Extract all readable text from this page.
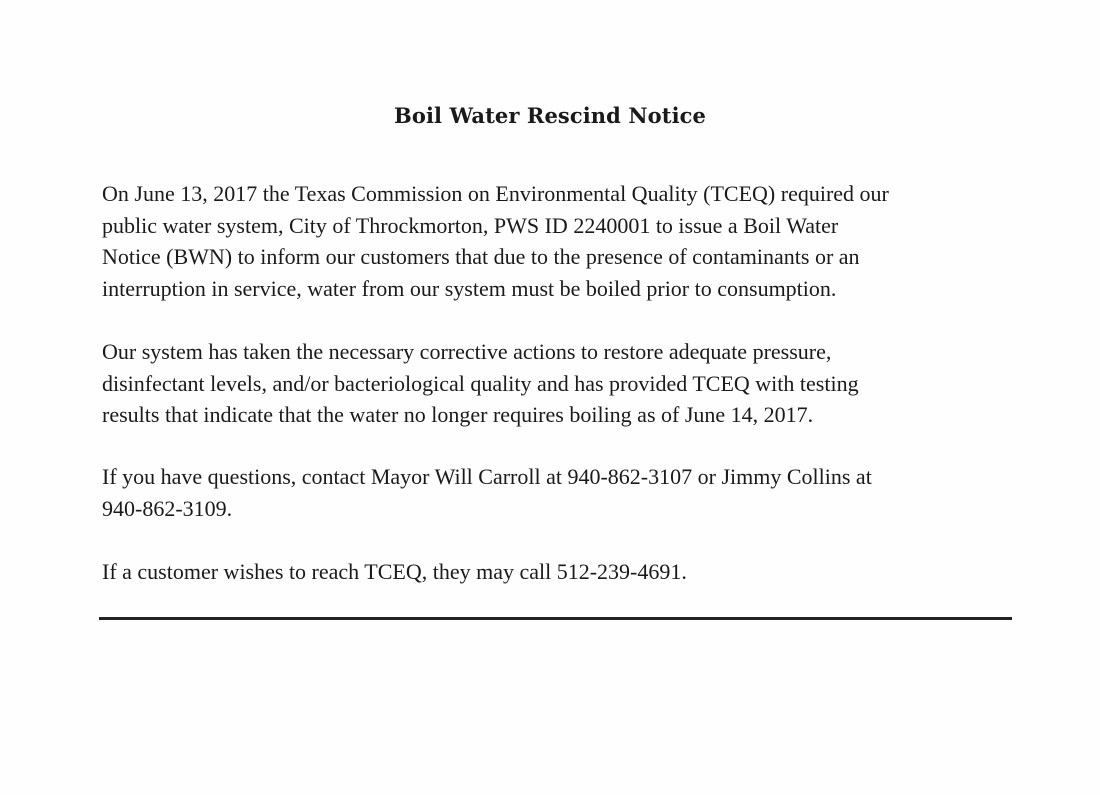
Boil Water Rescind Notice

On June 13, 2017 the Texas Commission on Environmental Quality (TCEQ) required our
public water system, City of Throckmorton, PWS ID 2240001 to issue a Boil Water
Notice (BWN) to inform our customers that due to the presence of contaminants or an
interruption in service, water from our system must be boiled prior to consumption.

Our system has taken the necessary corrective actions to restore adequate pressure,
disinfectant levels, and/or bacteriological quality and has provided TCEQ with testing
results that indicate that the water no longer requires boiling as of June 14, 2017.

If you have questions, contact Mayor Will Carroll at 940-862-3107 or Jimmy Collins at
940-862-3109.

If a customer wishes to reach TCEQ, they may call 512-239-4691.
